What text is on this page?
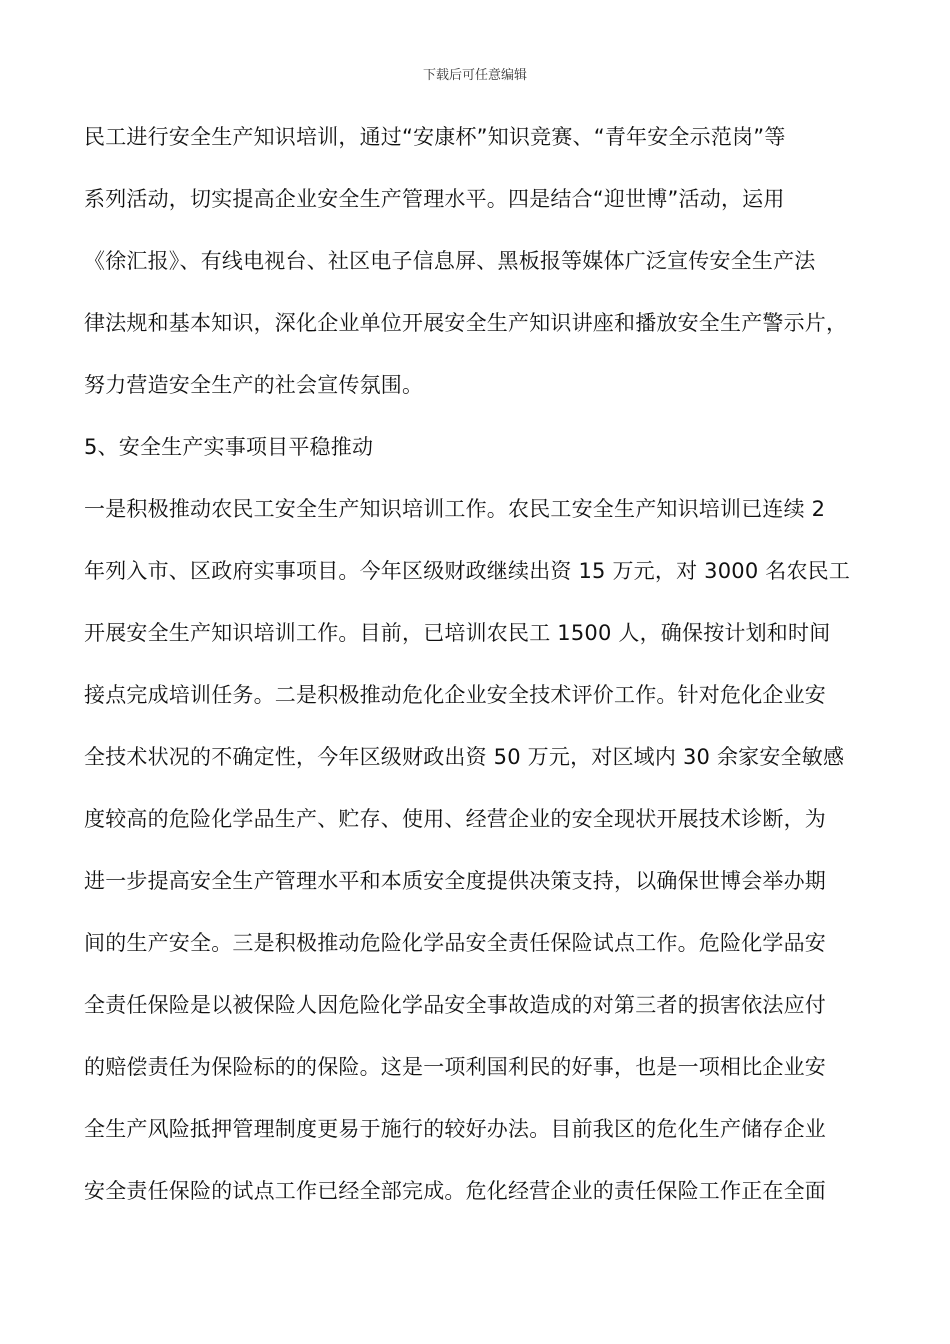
下载后可任意编辑
民工进行安全生产知识培训，通过“安康杯”知识竞赛、“青年安全示范岗”等
系列活动，切实提高企业安全生产管理水平。四是结合“迎世博”活动，运用
《徐汇报》、有线电视台、社区电子信息屏、黑板报等媒体广泛宣传安全生产法
律法规和基本知识，深化企业单位开展安全生产知识讲座和播放安全生产警示片，
努力营造安全生产的社会宣传氛围。
5、安全生产实事项目平稳推动
一是积极推动农民工安全生产知识培训工作。农民工安全生产知识培训已连续 2
年列入市、区政府实事项目。今年区级财政继续出资 15 万元，对 3000 名农民工
开展安全生产知识培训工作。目前，已培训农民工 1500 人，确保按计划和时间
接点完成培训任务。二是积极推动危化企业安全技术评价工作。针对危化企业安
全技术状况的不确定性，今年区级财政出资 50 万元，对区域内 30 余家安全敏感
度较高的危险化学品生产、贮存、使用、经营企业的安全现状开展技术诊断，为
进一步提高安全生产管理水平和本质安全度提供决策支持，以确保世博会举办期
间的生产安全。三是积极推动危险化学品安全责任保险试点工作。危险化学品安
全责任保险是以被保险人因危险化学品安全事故造成的对第三者的损害依法应付
的赔偿责任为保险标的的保险。这是一项利国利民的好事，也是一项相比企业安
全生产风险抵押管理制度更易于施行的较好办法。目前我区的危化生产储存企业
安全责任保险的试点工作已经全部完成。危化经营企业的责任保险工作正在全面
